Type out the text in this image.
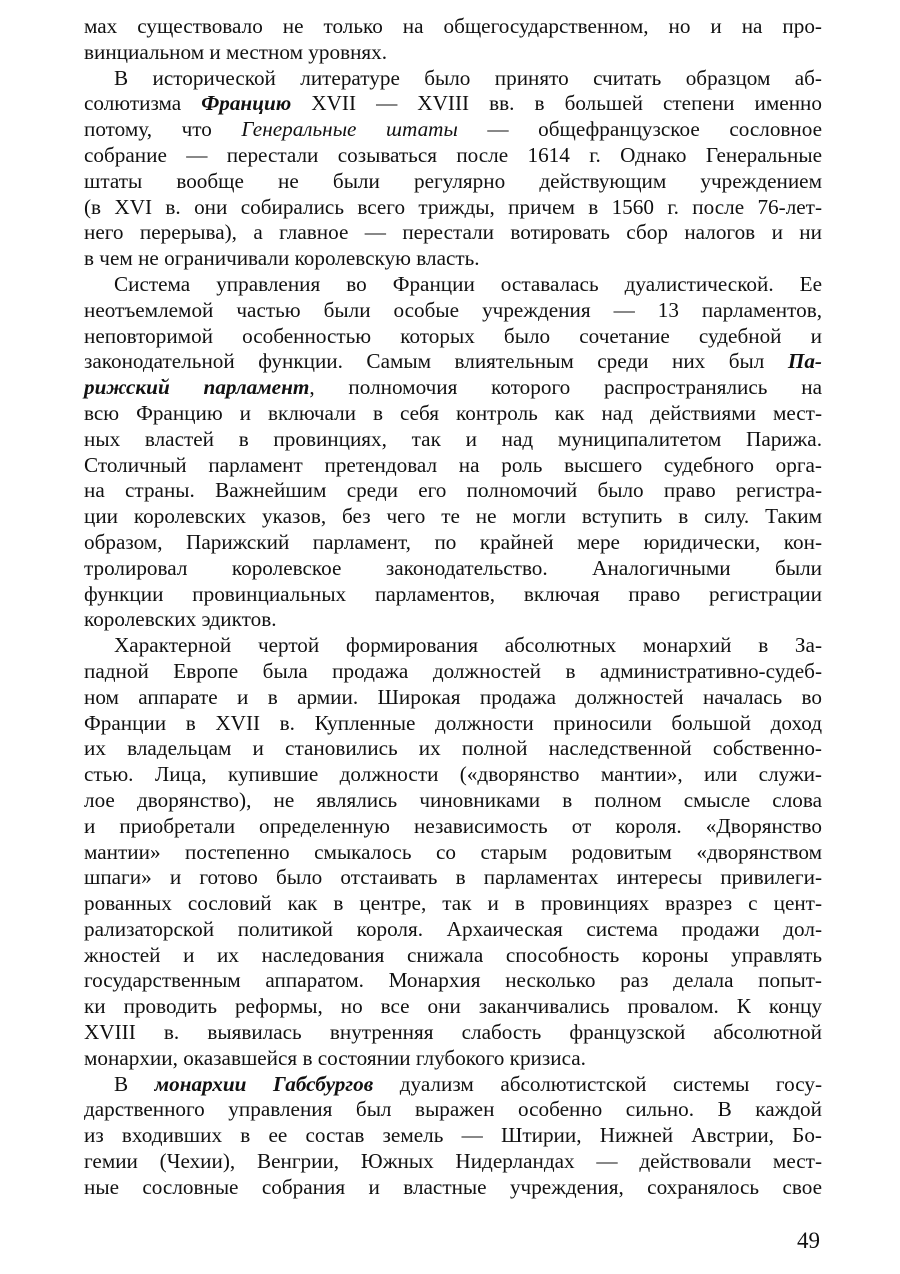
мах существовало не только на общегосударственном, но и на про-
винциальном и местном уровнях.
В исторической литературе было принято считать образцом аб-
солютизма Францию XVII — XVIII вв. в большей степени именно
потому, что Генеральные штаты — общефранцузское сословное
собрание — перестали созываться после 1614 г. Однако Генеральные
штаты вообще не были регулярно действующим учреждением
(в XVI в. они собирались всего трижды, причем в 1560 г. после 76-лет-
него перерыва), а главное — перестали вотировать сбор налогов и ни
в чем не ограничивали королевскую власть.
Система управления во Франции оставалась дуалистической. Ее
неотъемлемой частью были особые учреждения — 13 парламентов,
неповторимой особенностью которых было сочетание судебной и
законодательной функции. Самым влиятельным среди них был Па-
рижский парламент, полномочия которого распространялись на
всю Францию и включали в себя контроль как над действиями мест-
ных властей в провинциях, так и над муниципалитетом Парижа.
Столичный парламент претендовал на роль высшего судебного орга-
на страны. Важнейшим среди его полномочий было право регистра-
ции королевских указов, без чего те не могли вступить в силу. Таким
образом, Парижский парламент, по крайней мере юридически, кон-
тролировал королевское законодательство. Аналогичными были
функции провинциальных парламентов, включая право регистрации
королевских эдиктов.
Характерной чертой формирования абсолютных монархий в За-
падной Европе была продажа должностей в административно-судеб-
ном аппарате и в армии. Широкая продажа должностей началась во
Франции в XVII в. Купленные должности приносили большой доход
их владельцам и становились их полной наследственной собственно-
стью. Лица, купившие должности («дворянство мантии», или служи-
лое дворянство), не являлись чиновниками в полном смысле слова
и приобретали определенную независимость от короля. «Дворянство
мантии» постепенно смыкалось со старым родовитым «дворянством
шпаги» и готово было отстаивать в парламентах интересы привилеги-
рованных сословий как в центре, так и в провинциях вразрез с цент-
рализаторской политикой короля. Архаическая система продажи дол-
жностей и их наследования снижала способность короны управлять
государственным аппаратом. Монархия несколько раз делала попыт-
ки проводить реформы, но все они заканчивались провалом. К концу
XVIII в. выявилась внутренняя слабость французской абсолютной
монархии, оказавшейся в состоянии глубокого кризиса.
В монархии Габсбургов дуализм абсолютистской системы госу-
дарственного управления был выражен особенно сильно. В каждой
из входивших в ее состав земель — Штирии, Нижней Австрии, Бо-
гемии (Чехии), Венгрии, Южных Нидерландах — действовали мест-
ные сословные собрания и властные учреждения, сохранялось свое
49
